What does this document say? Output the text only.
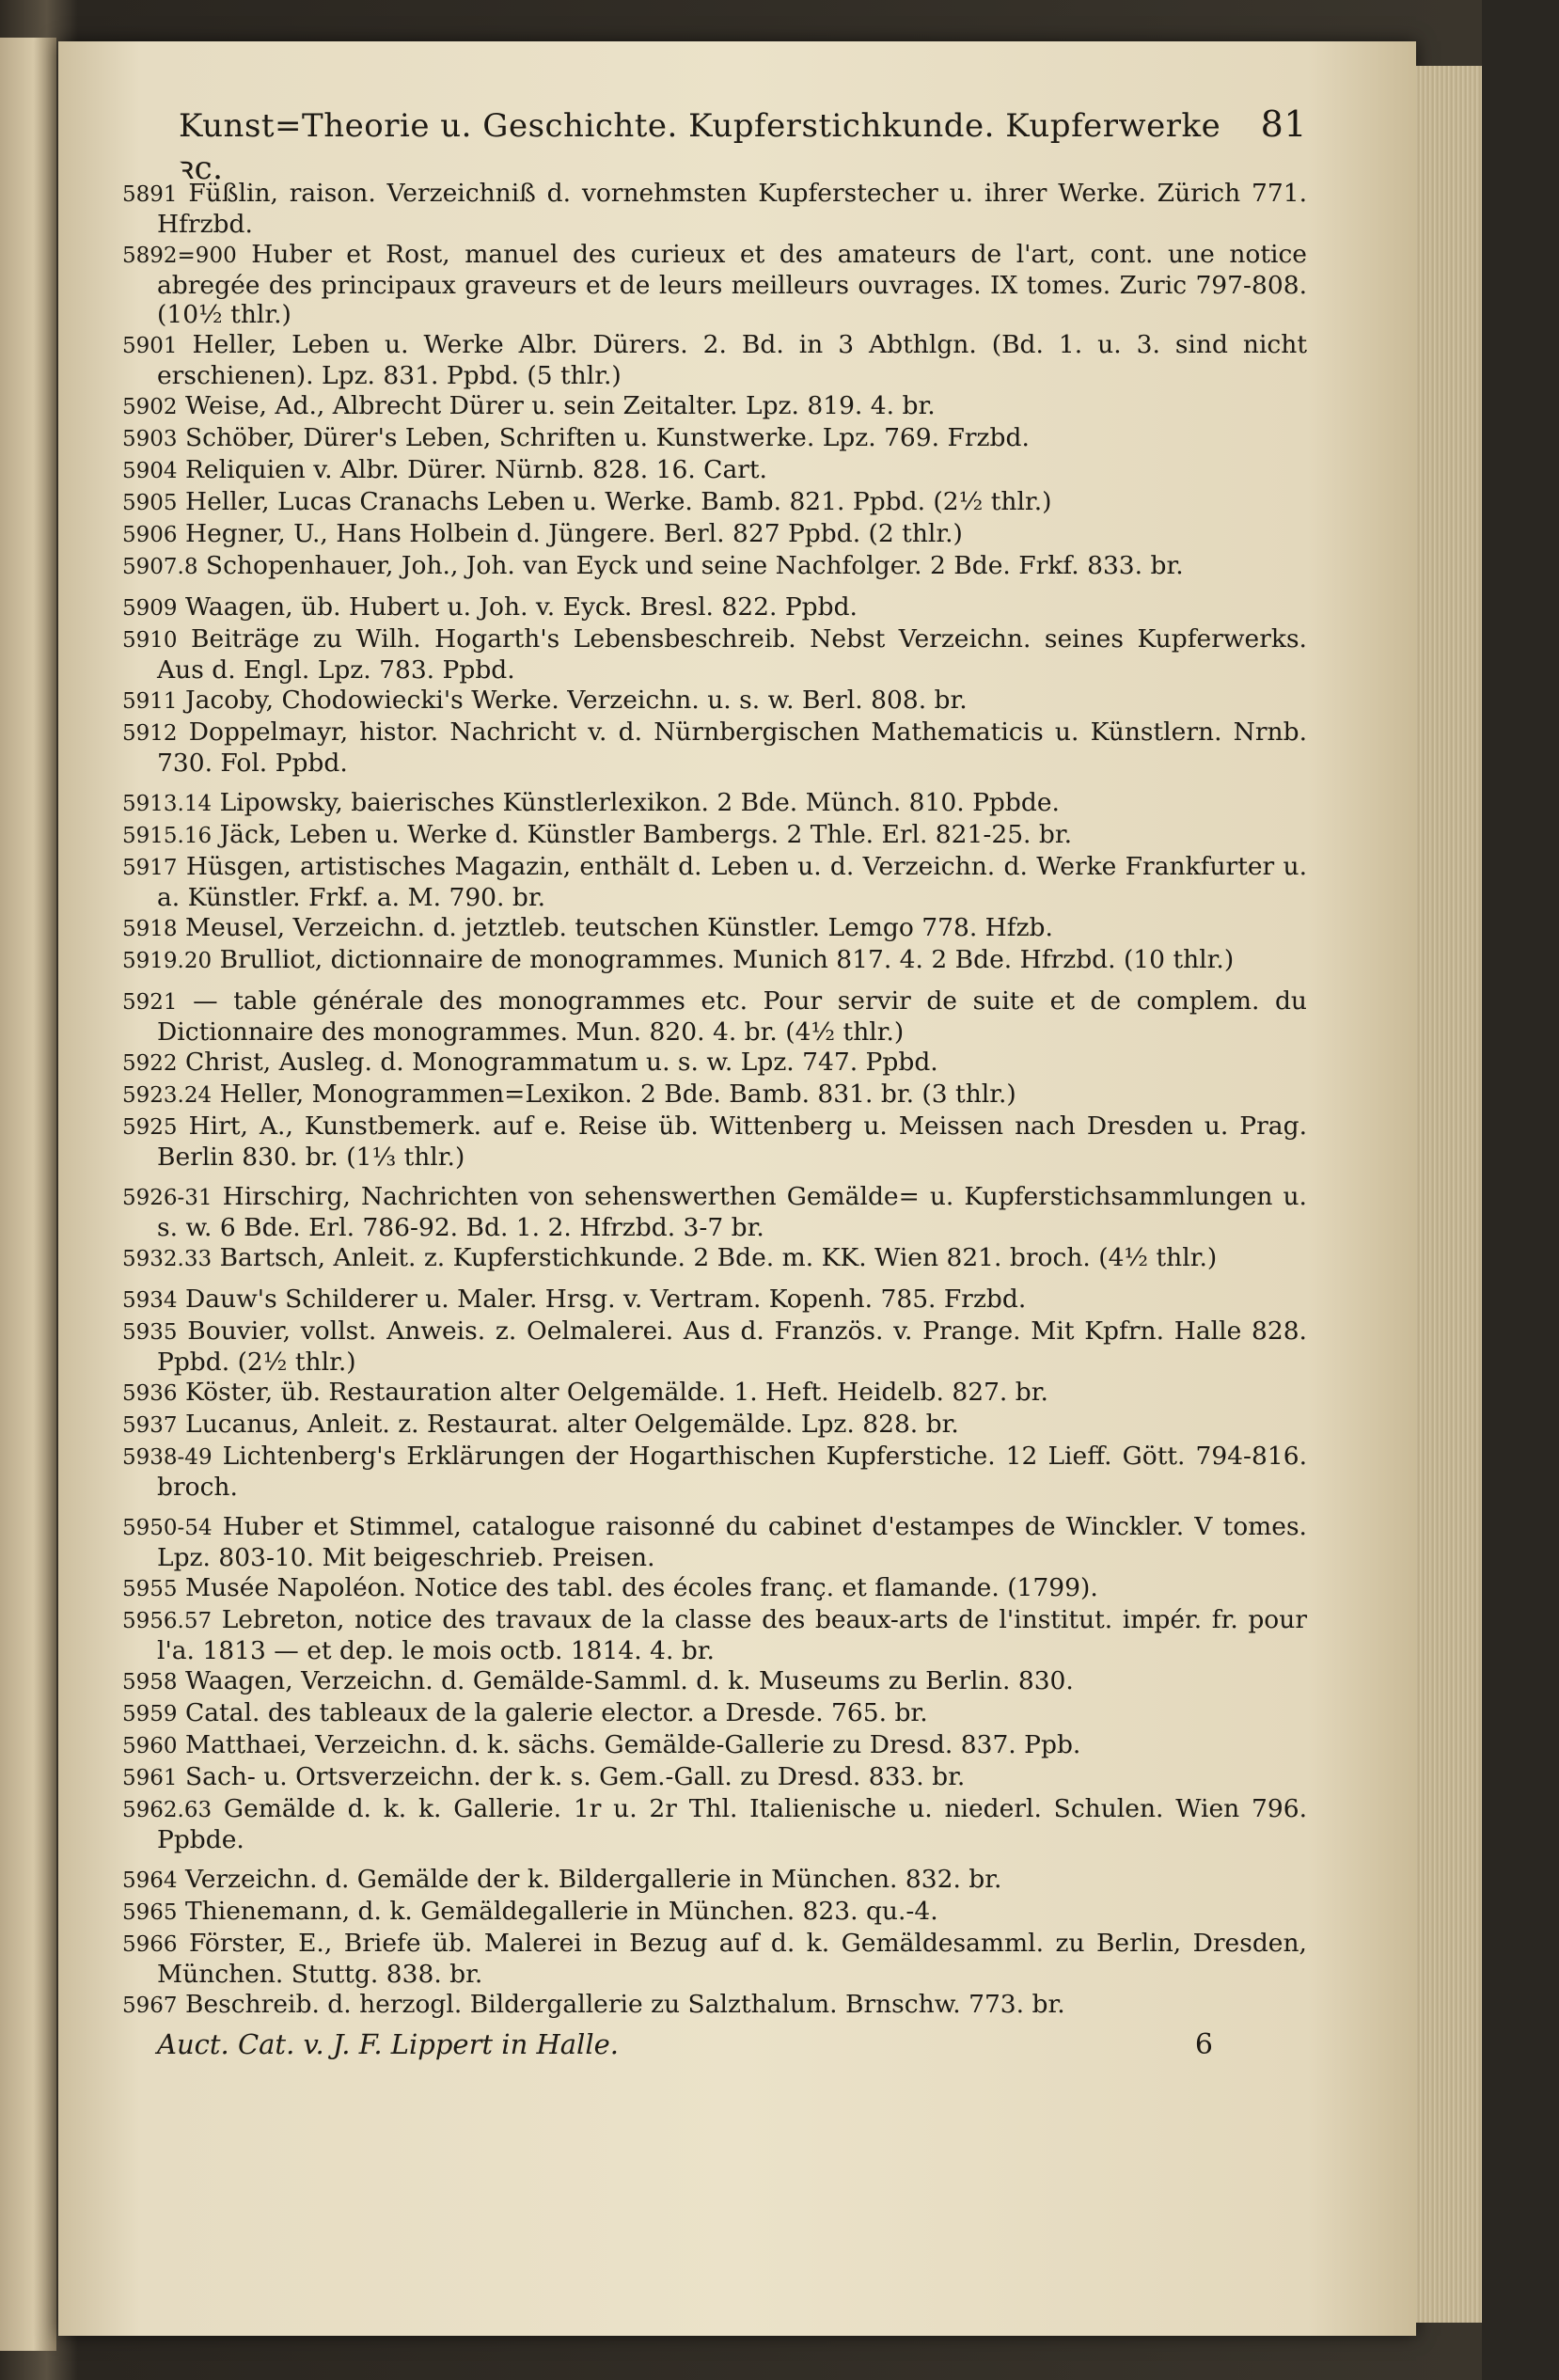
Kunst=Theorie u. Geschichte. Kupferstichkunde. Kupferwerke ꝛc.
81
5891 Füßlin, raison. Verzeichniß d. vornehmsten Kupferstecher u. ihrer Werke. Zürich 771. Hfrzbd.
5892=900 Huber et Rost, manuel des curieux et des amateurs de l'art, cont. une notice abregée des principaux graveurs et de leurs meilleurs ouvrages. IX tomes. Zuric 797-808. (10½ thlr.)
5901 Heller, Leben u. Werke Albr. Dürers. 2. Bd. in 3 Abthlgn. (Bd. 1. u. 3. sind nicht erschienen). Lpz. 831. Ppbd. (5 thlr.)
5902 Weise, Ad., Albrecht Dürer u. sein Zeitalter. Lpz. 819. 4. br.
5903 Schöber, Dürer's Leben, Schriften u. Kunstwerke. Lpz. 769. Frzbd.
5904 Reliquien v. Albr. Dürer. Nürnb. 828. 16. Cart.
5905 Heller, Lucas Cranachs Leben u. Werke. Bamb. 821. Ppbd. (2½ thlr.)
5906 Hegner, U., Hans Holbein d. Jüngere. Berl. 827 Ppbd. (2 thlr.)
5907.8 Schopenhauer, Joh., Joh. van Eyck und seine Nachfolger. 2 Bde. Frkf. 833. br.
5909 Waagen, üb. Hubert u. Joh. v. Eyck. Bresl. 822. Ppbd.
5910 Beiträge zu Wilh. Hogarth's Lebensbeschreib. Nebst Verzeichn. seines Kupferwerks. Aus d. Engl. Lpz. 783. Ppbd.
5911 Jacoby, Chodowiecki's Werke. Verzeichn. u. s. w. Berl. 808. br.
5912 Doppelmayr, histor. Nachricht v. d. Nürnbergischen Mathematicis u. Künstlern. Nrnb. 730. Fol. Ppbd.
5913.14 Lipowsky, baierisches Künstlerlexikon. 2 Bde. Münch. 810. Ppbde.
5915.16 Jäck, Leben u. Werke d. Künstler Bambergs. 2 Thle. Erl. 821-25. br.
5917 Hüsgen, artistisches Magazin, enthält d. Leben u. d. Verzeichn. d. Werke Frankfurter u. a. Künstler. Frkf. a. M. 790. br.
5918 Meusel, Verzeichn. d. jetztleb. teutschen Künstler. Lemgo 778. Hfzb.
5919.20 Brulliot, dictionnaire de monogrammes. Munich 817. 4. 2 Bde. Hfrzbd. (10 thlr.)
5921 — table générale des monogrammes etc. Pour servir de suite et de complem. du Dictionnaire des monogrammes. Mun. 820. 4. br. (4½ thlr.)
5922 Christ, Ausleg. d. Monogrammatum u. s. w. Lpz. 747. Ppbd.
5923.24 Heller, Monogrammen=Lexikon. 2 Bde. Bamb. 831. br. (3 thlr.)
5925 Hirt, A., Kunstbemerk. auf e. Reise üb. Wittenberg u. Meissen nach Dresden u. Prag. Berlin 830. br. (1⅓ thlr.)
5926-31 Hirschirg, Nachrichten von sehenswerthen Gemälde= u. Kupferstichsammlungen u. s. w. 6 Bde. Erl. 786-92. Bd. 1. 2. Hfrzbd. 3-7 br.
5932.33 Bartsch, Anleit. z. Kupferstichkunde. 2 Bde. m. KK. Wien 821. broch. (4½ thlr.)
5934 Dauw's Schilderer u. Maler. Hrsg. v. Vertram. Kopenh. 785. Frzbd.
5935 Bouvier, vollst. Anweis. z. Oelmalerei. Aus d. Französ. v. Prange. Mit Kpfrn. Halle 828. Ppbd. (2½ thlr.)
5936 Köster, üb. Restauration alter Oelgemälde. 1. Heft. Heidelb. 827. br.
5937 Lucanus, Anleit. z. Restaurat. alter Oelgemälde. Lpz. 828. br.
5938-49 Lichtenberg's Erklärungen der Hogarthischen Kupferstiche. 12 Lieff. Gött. 794-816. broch.
5950-54 Huber et Stimmel, catalogue raisonné du cabinet d'estampes de Winckler. V tomes. Lpz. 803-10. Mit beigeschrieb. Preisen.
5955 Musée Napoléon. Notice des tabl. des écoles franç. et flamande. (1799).
5956.57 Lebreton, notice des travaux de la classe des beaux-arts de l'institut. impér. fr. pour l'a. 1813 — et dep. le mois octb. 1814. 4. br.
5958 Waagen, Verzeichn. d. Gemälde-Samml. d. k. Museums zu Berlin. 830.
5959 Catal. des tableaux de la galerie elector. a Dresde. 765. br.
5960 Matthaei, Verzeichn. d. k. sächs. Gemälde-Gallerie zu Dresd. 837. Ppb.
5961 Sach- u. Ortsverzeichn. der k. s. Gem.-Gall. zu Dresd. 833. br.
5962.63 Gemälde d. k. k. Gallerie. 1r u. 2r Thl. Italienische u. niederl. Schulen. Wien 796. Ppbde.
5964 Verzeichn. d. Gemälde der k. Bildergallerie in München. 832. br.
5965 Thienemann, d. k. Gemäldegallerie in München. 823. qu.-4.
5966 Förster, E., Briefe üb. Malerei in Bezug auf d. k. Gemäldesamml. zu Berlin, Dresden, München. Stuttg. 838. br.
5967 Beschreib. d. herzogl. Bildergallerie zu Salzthalum. Brnschw. 773. br.
Auct. Cat. v. J. F. Lippert in Halle.	6
